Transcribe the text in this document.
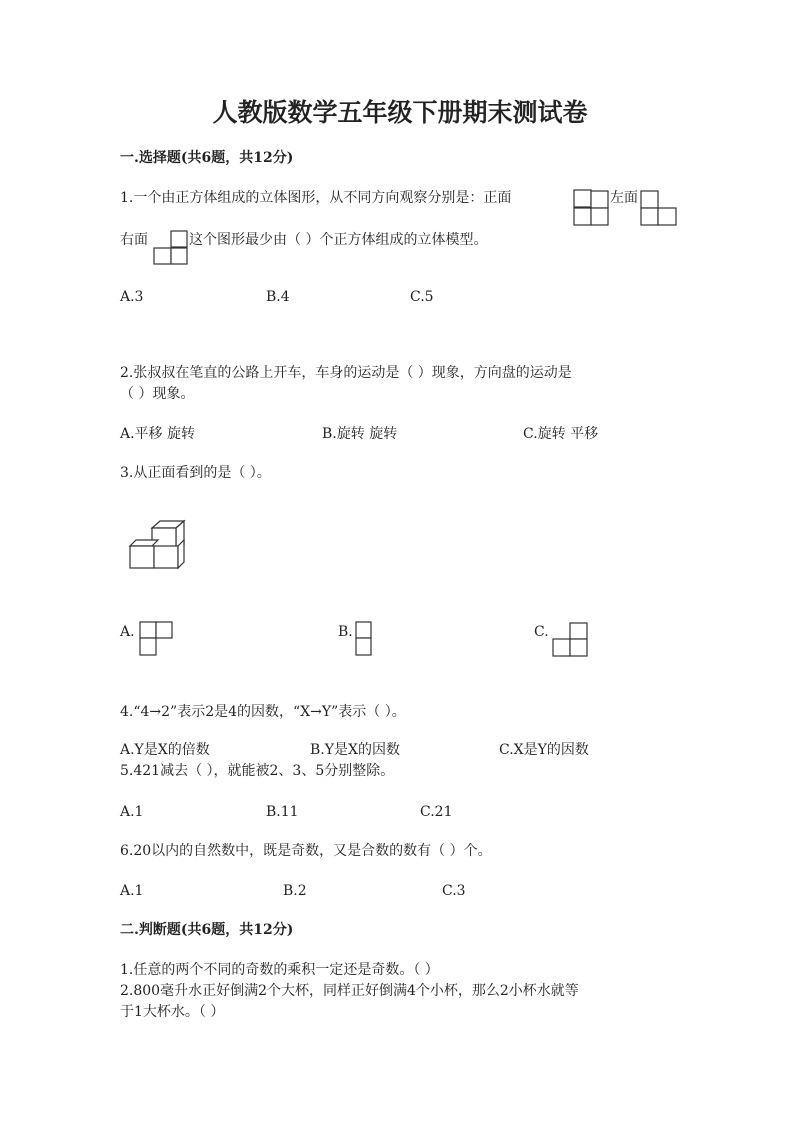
人教版数学五年级下册期末测试卷
一.选择题(共6题，共12分)
1.一个由正方体组成的立体图形，从不同方向观察分别是：正面	左面
右面	这个图形最少由（ ）个正方体组成的立体模型。
A.3	B.4	C.5
2.张叔叔在笔直的公路上开车，车身的运动是（ ）现象，方向盘的运动是
（ ）现象。
A.平移 旋转	B.旋转 旋转	C.旋转 平移
3.从正面看到的是（ ）。
A.	B.	C.
4.“4→2”表示2是4的因数，“X→Y”表示（ ）。
A.Y是X的倍数	B.Y是X的因数	C.X是Y的因数
5.421减去（ ），就能被2、3、5分别整除。
A.1	B.11	C.21
6.20以内的自然数中，既是奇数，又是合数的数有（ ）个。
A.1	B.2	C.3
二.判断题(共6题，共12分)
1.任意的两个不同的奇数的乘积一定还是奇数。（ ）
2.800毫升水正好倒满2个大杯，同样正好倒满4个小杯，那么2小杯水就等
于1大杯水。（ ）
